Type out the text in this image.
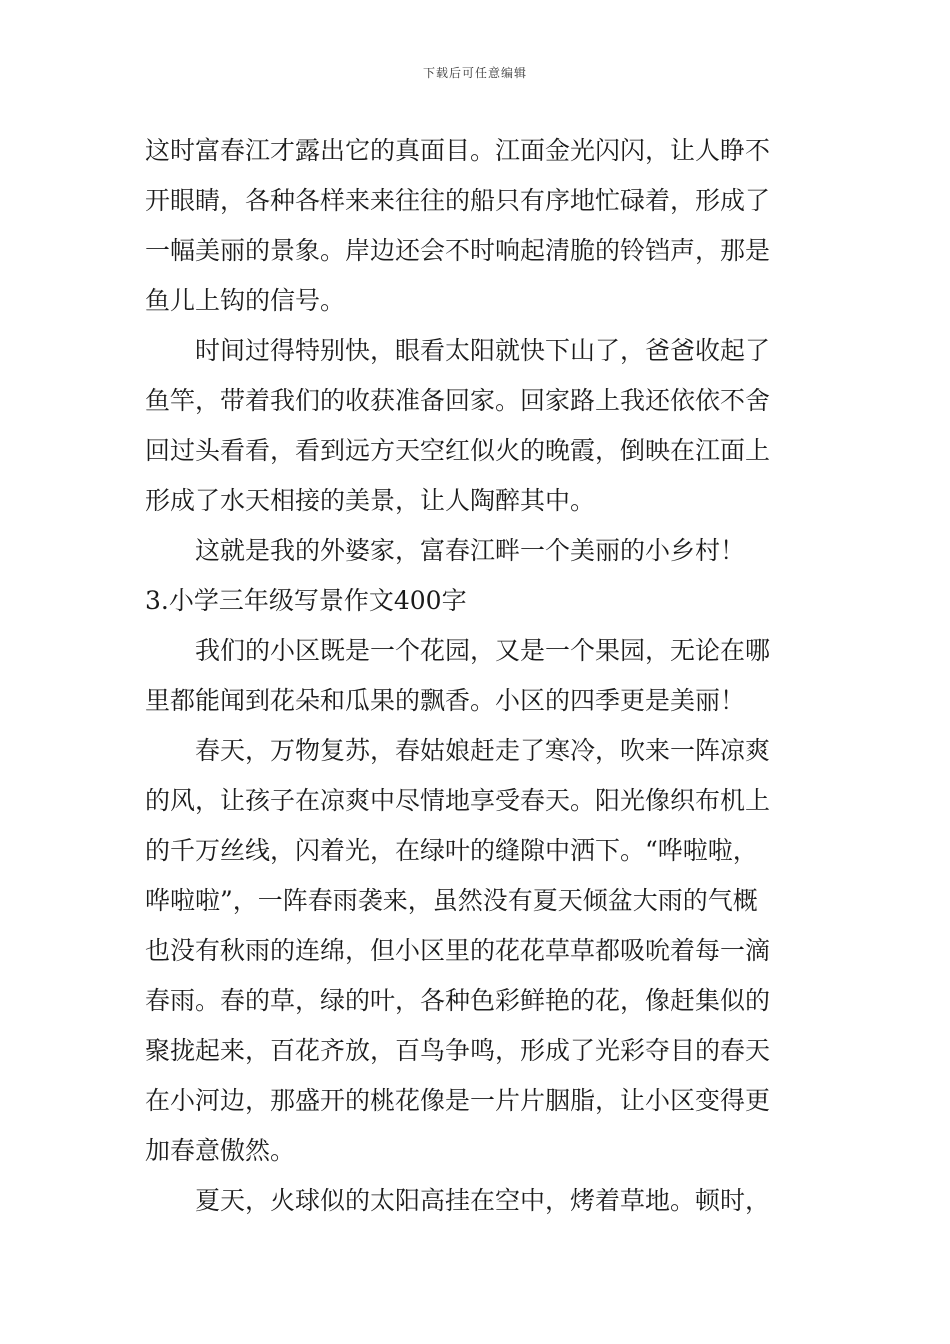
下载后可任意编辑
这时富春江才露出它的真面目。江面金光闪闪，让人睁不
开眼睛，各种各样来来往往的船只有序地忙碌着，形成了
一幅美丽的景象。岸边还会不时响起清脆的铃铛声，那是
鱼儿上钩的信号。
时间过得特别快，眼看太阳就快下山了，爸爸收起了
鱼竿，带着我们的收获准备回家。回家路上我还依依不舍
回过头看看，看到远方天空红似火的晚霞，倒映在江面上
形成了水天相接的美景，让人陶醉其中。
这就是我的外婆家，富春江畔一个美丽的小乡村！
3.小学三年级写景作文400字
我们的小区既是一个花园，又是一个果园，无论在哪
里都能闻到花朵和瓜果的飘香。小区的四季更是美丽！
春天，万物复苏，春姑娘赶走了寒冷，吹来一阵凉爽
的风，让孩子在凉爽中尽情地享受春天。阳光像织布机上
的千万丝线，闪着光，在绿叶的缝隙中洒下。“哗啦啦，
哗啦啦”，一阵春雨袭来，虽然没有夏天倾盆大雨的气概
也没有秋雨的连绵，但小区里的花花草草都吸吮着每一滴
春雨。春的草，绿的叶，各种色彩鲜艳的花，像赶集似的
聚拢起来，百花齐放，百鸟争鸣，形成了光彩夺目的春天
在小河边，那盛开的桃花像是一片片胭脂，让小区变得更
加春意傲然。
夏天，火球似的太阳高挂在空中，烤着草地。顿时，
